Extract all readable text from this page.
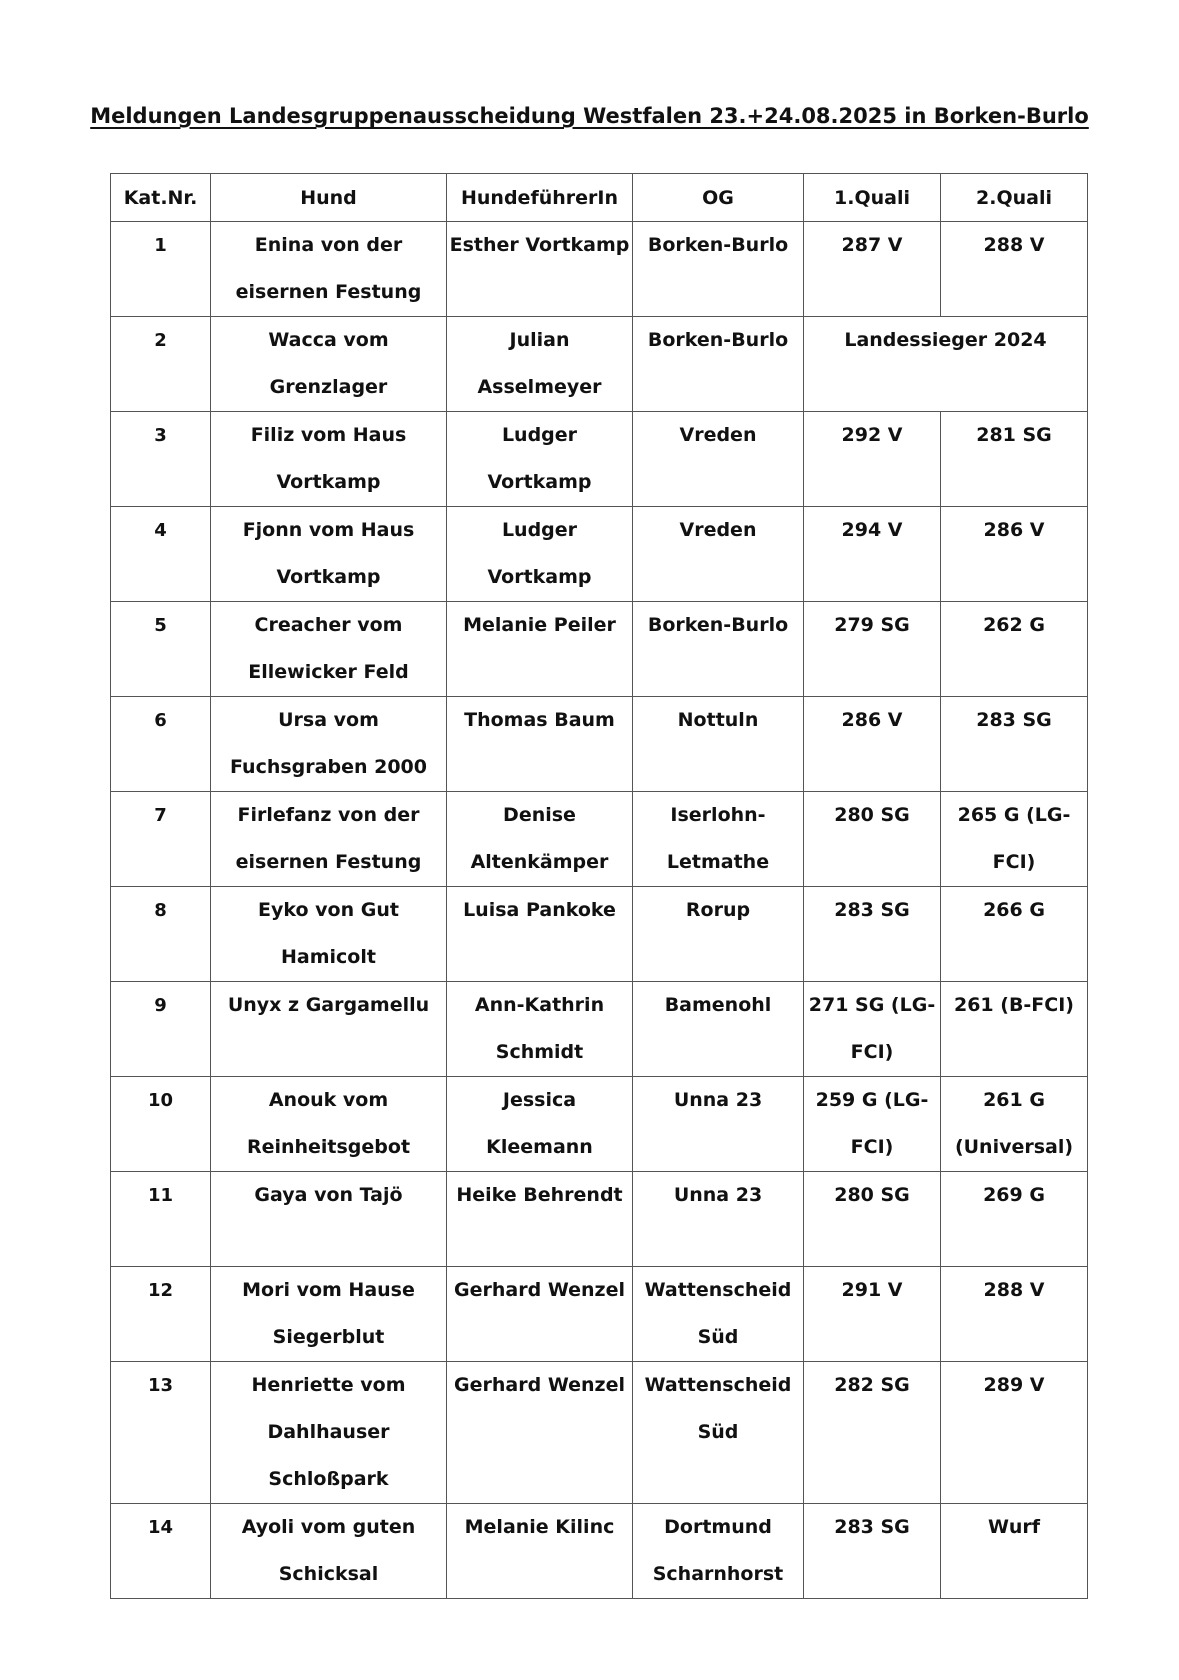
Meldungen Landesgruppenausscheidung Westfalen 23.+24.08.2025 in Borken-Burlo
Kat.Nr.	Hund	HundeführerIn	OG	1.Quali	2.Quali
1	Enina von der eisernen Festung	Esther Vortkamp	Borken-Burlo	287 V	288 V
2	Wacca vom Grenzlager	Julian Asselmeyer	Borken-Burlo	Landessieger 2024	
3	Filiz vom Haus Vortkamp	Ludger Vortkamp	Vreden	292 V	281 SG
4	Fjonn vom Haus Vortkamp	Ludger Vortkamp	Vreden	294 V	286 V
5	Creacher vom Ellewicker Feld	Melanie Peiler	Borken-Burlo	279 SG	262 G
6	Ursa vom Fuchsgraben 2000	Thomas Baum	Nottuln	286 V	283 SG
7	Firlefanz von der eisernen Festung	Denise Altenkämper	Iserlohn-Letmathe	280 SG	265 G (LG-FCI)
8	Eyko von Gut Hamicolt	Luisa Pankoke	Rorup	283 SG	266 G
9	Unyx z Gargamellu	Ann-Kathrin Schmidt	Bamenohl	271 SG (LG-FCI)	261 (B-FCI)
10	Anouk vom Reinheitsgebot	Jessica Kleemann	Unna 23	259 G (LG-FCI)	261 G (Universal)
11	Gaya von Tajö	Heike Behrendt	Unna 23	280 SG	269 G
12	Mori vom Hause Siegerblut	Gerhard Wenzel	Wattenscheid Süd	291 V	288 V
13	Henriette vom Dahlhauser Schloßpark	Gerhard Wenzel	Wattenscheid Süd	282 SG	289 V
14	Ayoli vom guten Schicksal	Melanie Kilinc	Dortmund Scharnhorst	283 SG	Wurf
